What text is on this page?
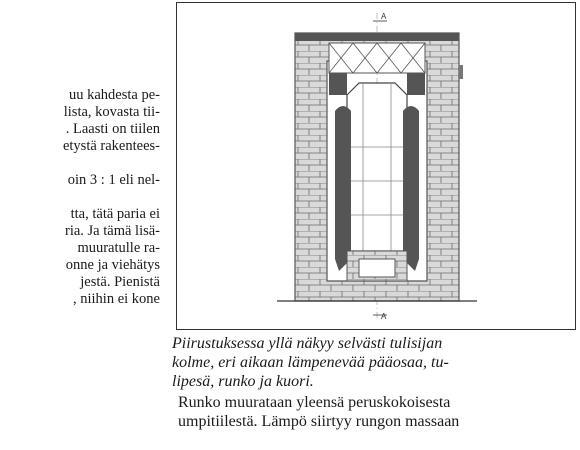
uu kahdesta pe-
lista, kovasta tii-
. Laasti on tiilen
etystä rakentees-
oin 3 : 1 eli nel-
tta, tätä paria ei
ria. Ja tämä lisä-
muuratulle ra-
onne ja viehätys
jestä. Pienistä
, niihin ei kone
A
A
Piirustuksessa yllä näkyy selvästi tulisijan
kolme, eri aikaan lämpenevää pääosaa, tu-
lipesä, runko ja kuori.
Runko muurataan yleensä peruskokoisesta
umpitiilestä. Lämpö siirtyy rungon massaan
